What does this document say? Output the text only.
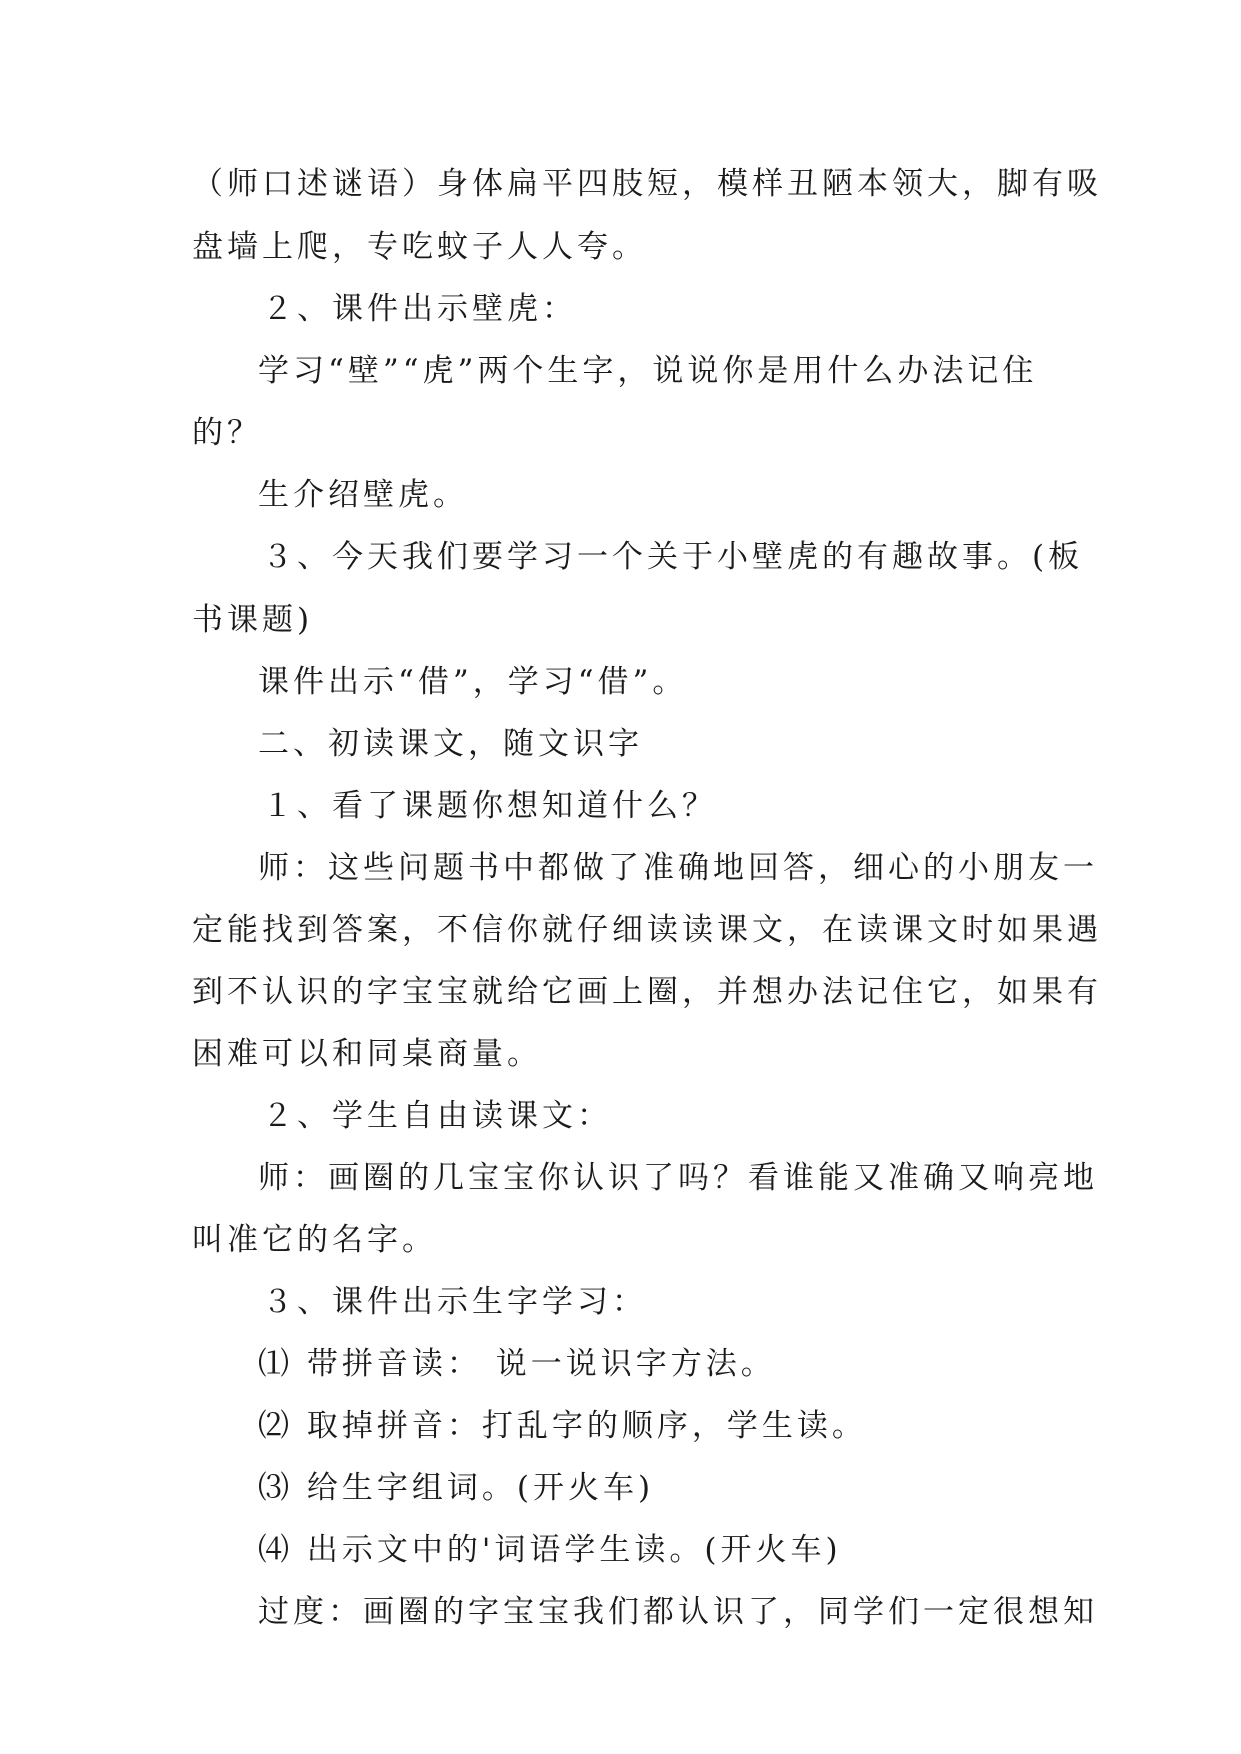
（师口述谜语）身体扁平四肢短，模样丑陋本领大，脚有吸
盘墙上爬，专吃蚊子人人夸。
２、课件出示壁虎：
学习“壁”“虎”两个生字，说说你是用什么办法记住
的？
生介绍壁虎。
３、今天我们要学习一个关于小壁虎的有趣故事。(板
书课题)
课件出示“借”，学习“借”。
二、初读课文，随文识字
１、看了课题你想知道什么？
师：这些问题书中都做了准确地回答，细心的小朋友一
定能找到答案，不信你就仔细读读课文，在读课文时如果遇
到不认识的字宝宝就给它画上圈，并想办法记住它，如果有
困难可以和同桌商量。
２、学生自由读课文：
师：画圈的几宝宝你认识了吗？看谁能又准确又响亮地
叫准它的名字。
３、课件出示生字学习：
⑴ 带拼音读： 说一说识字方法。
⑵ 取掉拼音：打乱字的顺序，学生读。
⑶ 给生字组词。(开火车)
⑷ 出示文中的'词语学生读。(开火车)
过度：画圈的字宝宝我们都认识了，同学们一定很想知
